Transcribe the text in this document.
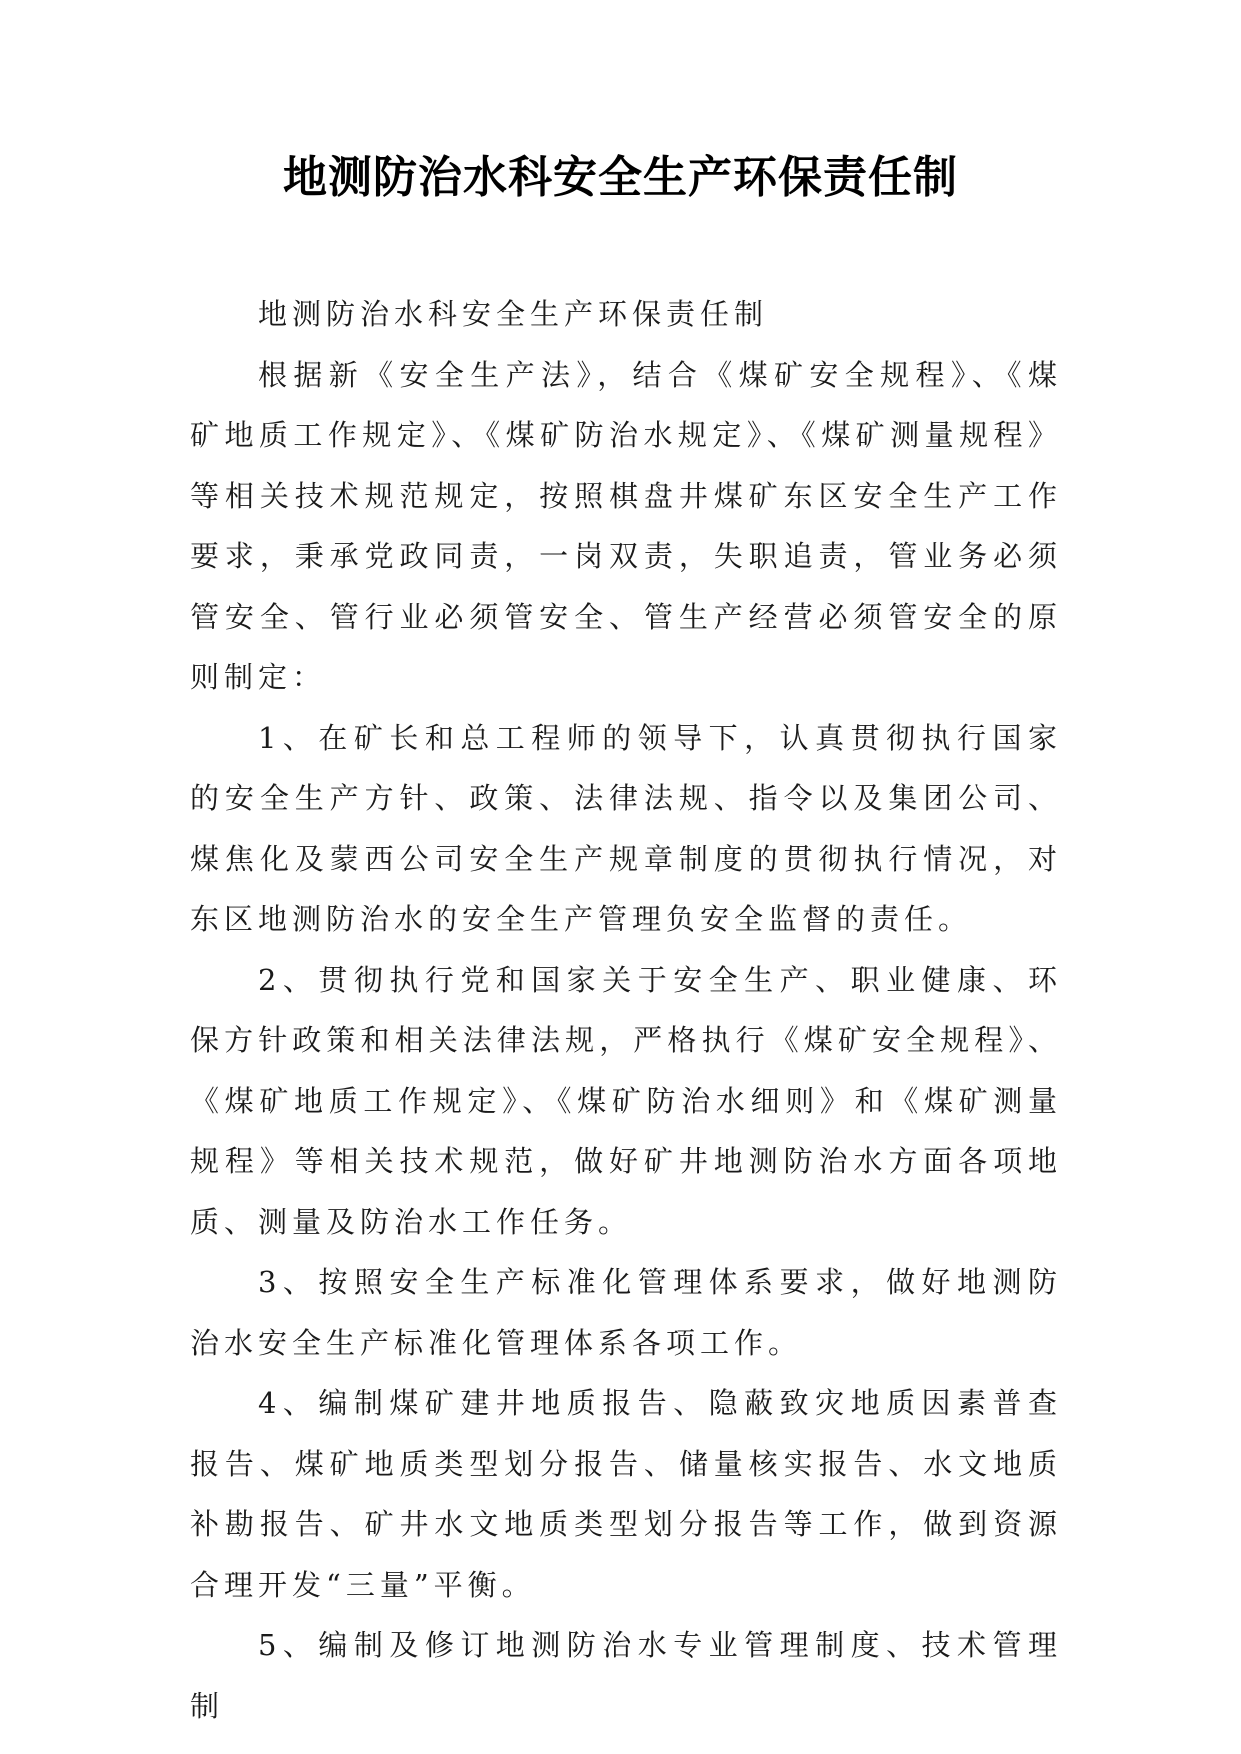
地测防治水科安全生产环保责任制

地测防治水科安全生产环保责任制

根据新《安全生产法》，结合《煤矿安全规程》、《煤矿地质工作规定》、《煤矿防治水规定》、《煤矿测量规程》等相关技术规范规定，按照棋盘井煤矿东区安全生产工作要求，秉承党政同责，一岗双责，失职追责，管业务必须管安全、管行业必须管安全、管生产经营必须管安全的原则制定：

1、在矿长和总工程师的领导下，认真贯彻执行国家的安全生产方针、政策、法律法规、指令以及集团公司、煤焦化及蒙西公司安全生产规章制度的贯彻执行情况，对东区地测防治水的安全生产管理负安全监督的责任。

2、贯彻执行党和国家关于安全生产、职业健康、环保方针政策和相关法律法规，严格执行《煤矿安全规程》、《煤矿地质工作规定》、《煤矿防治水细则》和《煤矿测量规程》等相关技术规范，做好矿井地测防治水方面各项地质、测量及防治水工作任务。

3、按照安全生产标准化管理体系要求，做好地测防治水安全生产标准化管理体系各项工作。

4、编制煤矿建井地质报告、隐蔽致灾地质因素普查报告、煤矿地质类型划分报告、储量核实报告、水文地质补勘报告、矿井水文地质类型划分报告等工作，做到资源合理开发“三量”平衡。

5、编制及修订地测防治水专业管理制度、技术管理制
